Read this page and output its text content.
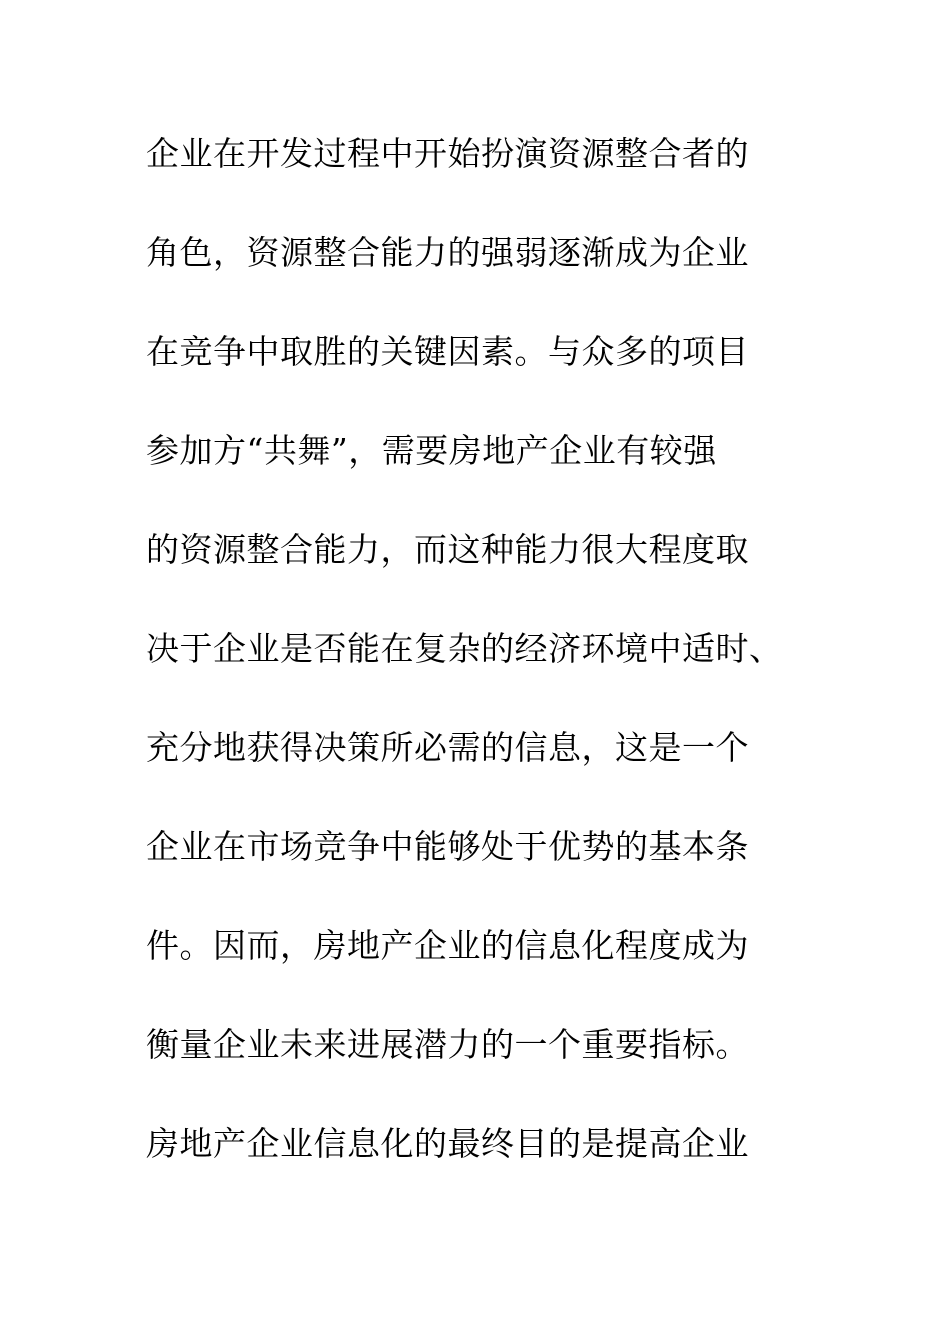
企业在开发过程中开始扮演资源整合者的
角色，资源整合能力的强弱逐渐成为企业
在竞争中取胜的关键因素。与众多的项目
参加方“共舞”，需要房地产企业有较强
的资源整合能力，而这种能力很大程度取
决于企业是否能在复杂的经济环境中适时、
充分地获得决策所必需的信息，这是一个
企业在市场竞争中能够处于优势的基本条
件。因而，房地产企业的信息化程度成为
衡量企业未来进展潜力的一个重要指标。
房地产企业信息化的最终目的是提高企业
